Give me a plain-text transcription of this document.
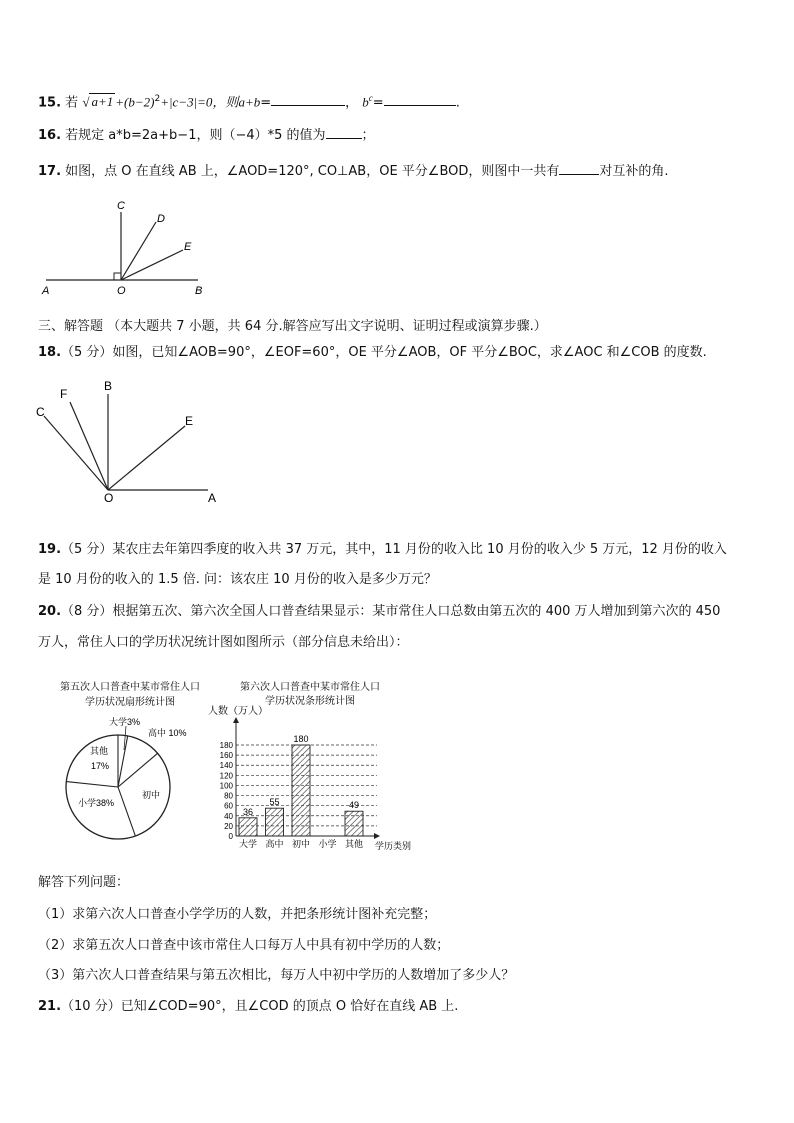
15. 若 √ $a+1 +(b-2)^2+|c-3|=0$，则a+b=	， $b^c=$	.
16. 若规定 a*b=2a+b−1，则（−4）*5 的值为	；
17. 如图，点 O 在直线 AB 上，∠AOD=120°, CO⊥AB，OE 平分∠BOD，则图中一共有	对互补的角.
A	O	B
C
D
E
三、解答题 （本大题共 7 小题，共 64 分.解答应写出文字说明、证明过程或演算步骤.）
18.（5 分）如图，已知∠AOB=90°，∠EOF=60°，OE 平分∠AOB，OF 平分∠BOC，求∠AOC 和∠COB 的度数.
A
O
B
C
F
E
19.（5 分）某农庄去年第四季度的收入共 37 万元，其中，11 月份的收入比 10 月份的收入少 5 万元，12 月份的收入
是 10 月份的收入的 1.5 倍. 问：该农庄 10 月份的收入是多少万元？
20.（8 分）根据第五次、第六次全国人口普查结果显示：某市常住人口总数由第五次的 400 万人增加到第六次的 450
万人，常住人口的学历状况统计图如图所示（部分信息未给出）：
第五次人口普查中某市常住人口
学历状况扇形统计图
大学3%
高中 10%
其他
17%
初中
小学38%
第六次人口普查中某市常住人口
学历状况条形统计图
人数（万人）
学历类别
0
20
40
60
80
100
120
140
160
180
大学 高中 初中 小学 其他
36
55
180
49
解答下列问题：
（1）求第六次人口普查小学学历的人数，并把条形统计图补充完整；
（2）求第五次人口普查中该市常住人口每万人中具有初中学历的人数；
（3）第六次人口普查结果与第五次相比，每万人中初中学历的人数增加了多少人？
21.（10 分）已知∠COD=90°，且∠COD 的顶点 O 恰好在直线 AB 上.
